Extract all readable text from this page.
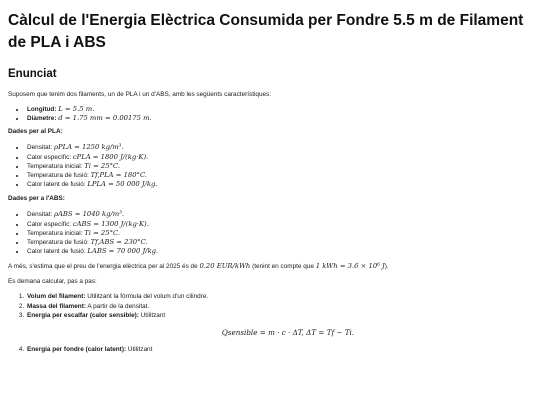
Càlcul de l'Energia Elèctrica Consumida per Fondre 5.5 m de Filament de PLA i ABS
Enunciat

Suposem que tenim dos filaments, un de PLA i un d'ABS, amb les següents característiques:

• Longitud: L = 5.5 m.
• Diàmetre: d = 1.75 mm = 0.00175 m.

Dades per al PLA:

• Densitat: ρPLA = 1250 kg/m³.
• Calor específic: cPLA = 1800 J/(kg·K).
• Temperatura inicial: Ti = 25°C.
• Temperatura de fusió: Tf,PLA = 180°C.
• Calor latent de fusió: LPLA = 50 000 J/kg.

Dades per a l'ABS:

• Densitat: ρABS = 1040 kg/m³.
• Calor específic: cABS = 1300 J/(kg·K).
• Temperatura inicial: Ti = 25°C.
• Temperatura de fusió: Tf,ABS = 230°C.
• Calor latent de fusió: LABS = 70 000 J/kg.

A més, s'estima que el preu de l'energia elèctrica per al 2025 és de 0.20 EUR/kWh (tenint en compte que 1 kWh = 3.6 × 10⁶ J).

Es demana calcular, pas a pas:

1. Volum del filament: Utilitzant la fórmula del volum d'un cilindre.
2. Massa del filament: A partir de la densitat.
3. Energia per escalfar (calor sensible): Utilitzant
Qsensible = m · c · ΔT, ΔT = Tf − Ti.
4. Energia per fondre (calor latent): Utilitzant
